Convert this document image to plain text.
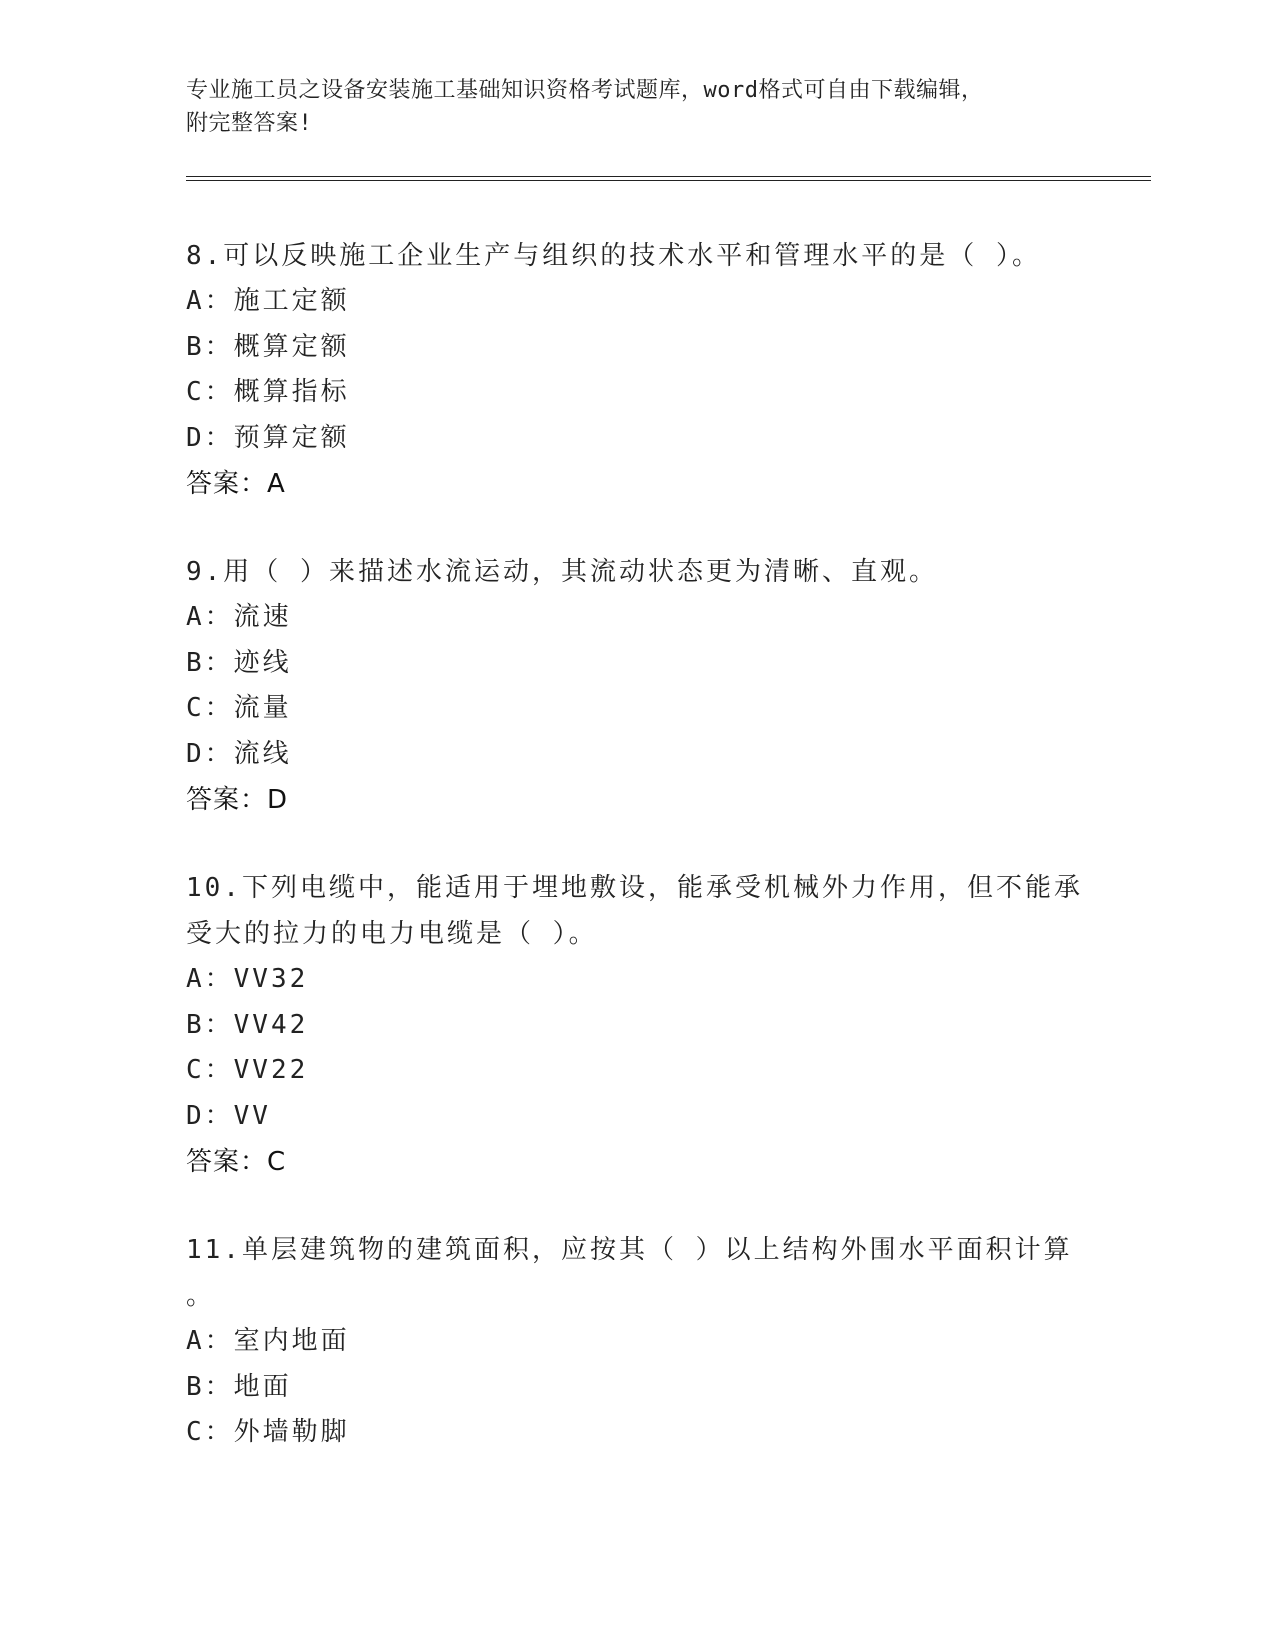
专业施工员之设备安装施工基础知识资格考试题库，word格式可自由下载编辑，
附完整答案!
8.可以反映施工企业生产与组织的技术水平和管理水平的是（ ）。
A：施工定额
B：概算定额
C：概算指标
D：预算定额
答案：A
9.用（ ）来描述水流运动，其流动状态更为清晰、直观。
A：流速
B：迹线
C：流量
D：流线
答案：D
10.下列电缆中，能适用于埋地敷设，能承受机械外力作用，但不能承
受大的拉力的电力电缆是（ ）。
A：VV32
B：VV42
C：VV22
D：VV
答案：C
11.单层建筑物的建筑面积，应按其（ ）以上结构外围水平面积计算
。
A：室内地面
B：地面
C：外墙勒脚
